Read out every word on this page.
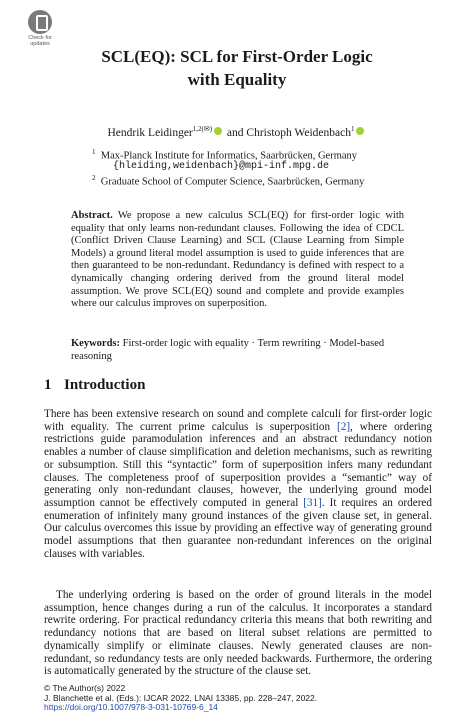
Check for updates
SCL(EQ): SCL for First-Order Logic
with Equality
Hendrik Leidinger$^{1,2(✉)}$ and Christoph Weidenbach$^1$
$^1$ Max-Planck Institute for Informatics, Saarbrücken, Germany
{hleiding,weidenbach}@mpi-inf.mpg.de
$^2$ Graduate School of Computer Science, Saarbrücken, Germany
Abstract. We propose a new calculus SCL(EQ) for first-order logic with equality that only learns non-redundant clauses. Following the idea of CDCL (Conflict Driven Clause Learning) and SCL (Clause Learning from Simple Models) a ground literal model assumption is used to guide inferences that are then guaranteed to be non-redundant. Redundancy is defined with respect to a dynamically changing ordering derived from the ground literal model assumption. We prove SCL(EQ) sound and complete and provide examples where our calculus improves on superposition.
Keywords: First-order logic with equality · Term rewriting · Model-based reasoning
1 Introduction
There has been extensive research on sound and complete calculi for first-order logic with equality. The current prime calculus is superposition [2], where ordering restrictions guide paramodulation inferences and an abstract redundancy notion enables a number of clause simplification and deletion mechanisms, such as rewriting or subsumption. Still this “syntactic” form of superposition infers many redundant clauses. The completeness proof of superposition provides a “semantic” way of generating only non-redundant clauses, however, the underlying ground model assumption cannot be effectively computed in general [31]. It requires an ordered enumeration of infinitely many ground instances of the given clause set, in general. Our calculus overcomes this issue by providing an effective way of generating ground model assumptions that then guarantee non-redundant inferences on the original clauses with variables.
The underlying ordering is based on the order of ground literals in the model assumption, hence changes during a run of the calculus. It incorporates a standard rewrite ordering. For practical redundancy criteria this means that both rewriting and redundancy notions that are based on literal subset relations are permitted to dynamically simplify or eliminate clauses. Newly generated clauses are non-redundant, so redundancy tests are only needed backwards. Furthermore, the ordering is automatically generated by the structure of the clause set.
© The Author(s) 2022
J. Blanchette et al. (Eds.): IJCAR 2022, LNAI 13385, pp. 228–247, 2022.
https://doi.org/10.1007/978-3-031-10769-6_14
